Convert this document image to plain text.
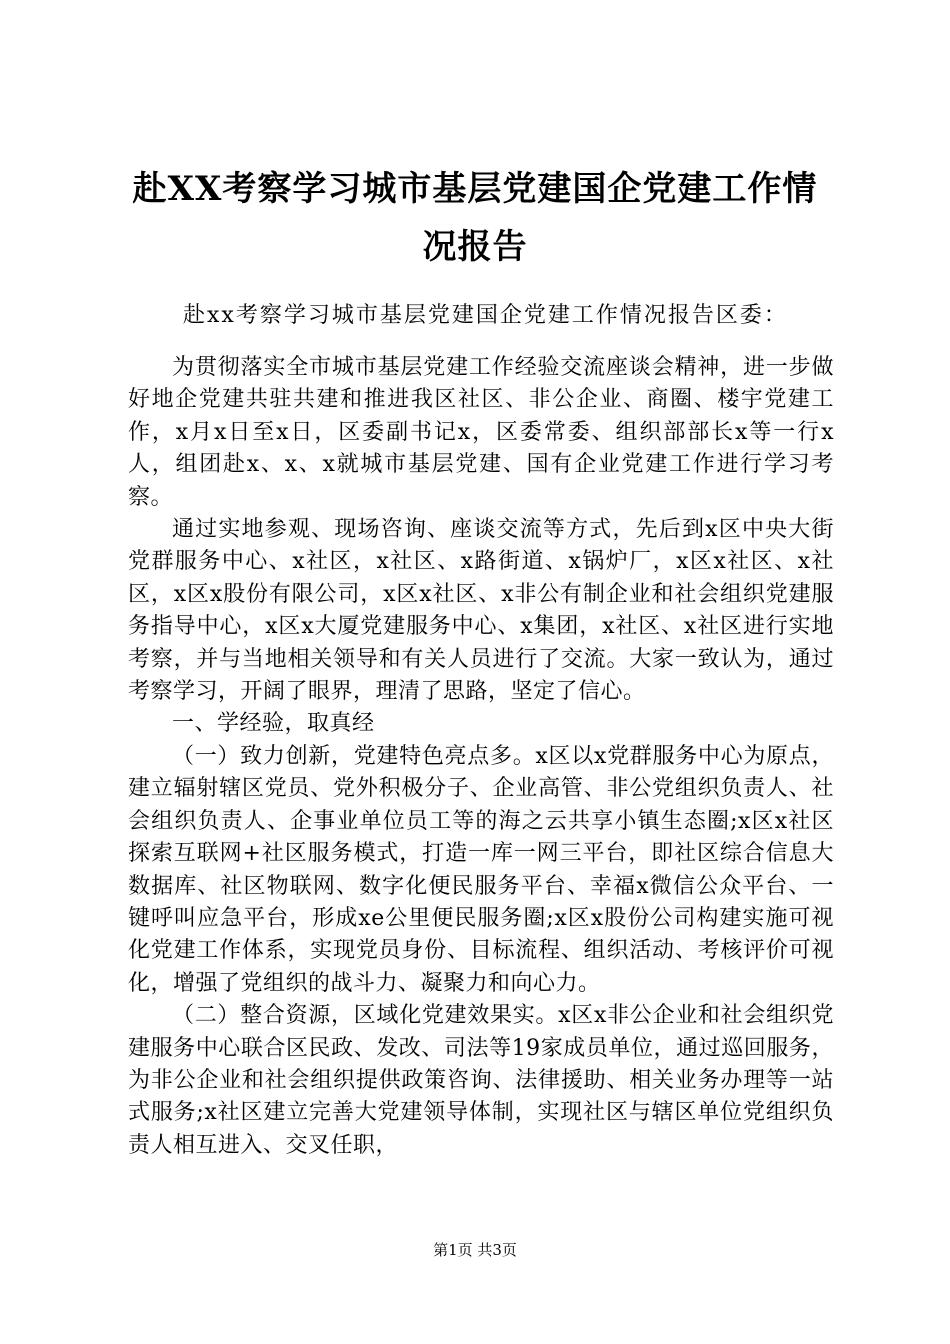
赴XX考察学习城市基层党建国企党建工作情况报告

赴xx考察学习城市基层党建国企党建工作情况报告区委：

为贯彻落实全市城市基层党建工作经验交流座谈会精神，进一步做好地企党建共驻共建和推进我区社区、非公企业、商圈、楼宇党建工作，x月x日至x日，区委副书记x，区委常委、组织部部长x等一行x人，组团赴x、x、x就城市基层党建、国有企业党建工作进行学习考察。

通过实地参观、现场咨询、座谈交流等方式，先后到x区中央大街党群服务中心、x社区，x社区、x路街道、x锅炉厂，x区x社区、x社区，x区x股份有限公司，x区x社区、x非公有制企业和社会组织党建服务指导中心，x区x大厦党建服务中心、x集团，x社区、x社区进行实地考察，并与当地相关领导和有关人员进行了交流。大家一致认为，通过考察学习，开阔了眼界，理清了思路，坚定了信心。

一、学经验，取真经

（一）致力创新，党建特色亮点多。x区以x党群服务中心为原点，建立辐射辖区党员、党外积极分子、企业高管、非公党组织负责人、社会组织负责人、企事业单位员工等的海之云共享小镇生态圈;x区x社区探索互联网+社区服务模式，打造一库一网三平台，即社区综合信息大数据库、社区物联网、数字化便民服务平台、幸福x微信公众平台、一键呼叫应急平台，形成xe公里便民服务圈;x区x股份公司构建实施可视化党建工作体系，实现党员身份、目标流程、组织活动、考核评价可视化，增强了党组织的战斗力、凝聚力和向心力。

（二）整合资源，区域化党建效果实。x区x非公企业和社会组织党建服务中心联合区民政、发改、司法等19家成员单位，通过巡回服务，为非公企业和社会组织提供政策咨询、法律援助、相关业务办理等一站式服务;x社区建立完善大党建领导体制，实现社区与辖区单位党组织负责人相互进入、交叉任职，

第1页 共3页
